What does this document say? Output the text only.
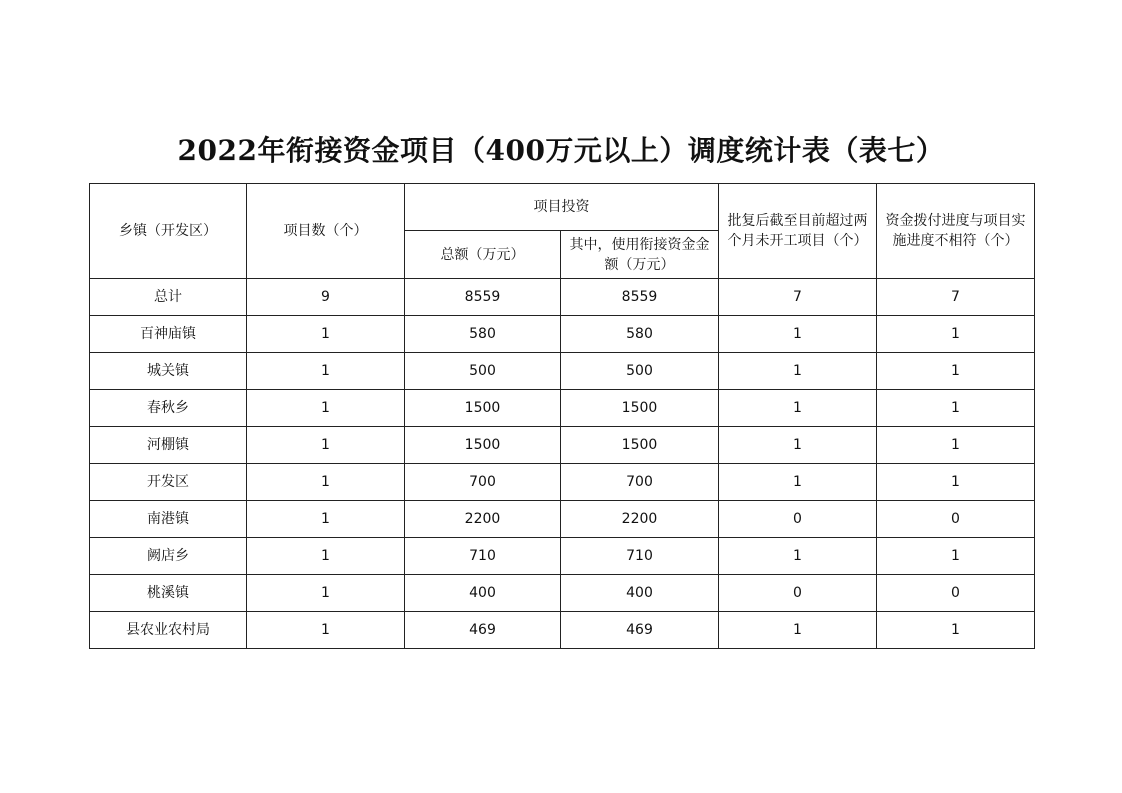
2022年衔接资金项目（400万元以上）调度统计表（表七）
乡镇（开发区）	项目数（个）	项目投资		批复后截至目前超过两个月未开工项目（个）	资金拨付进度与项目实施进度不相符（个）
		总额（万元）	其中，使用衔接资金金额（万元）		
总计	9	8559	8559	7	7
百神庙镇	1	580	580	1	1
城关镇	1	500	500	1	1
春秋乡	1	1500	1500	1	1
河棚镇	1	1500	1500	1	1
开发区	1	700	700	1	1
南港镇	1	2200	2200	0	0
阙店乡	1	710	710	1	1
桃溪镇	1	400	400	0	0
县农业农村局	1	469	469	1	1
